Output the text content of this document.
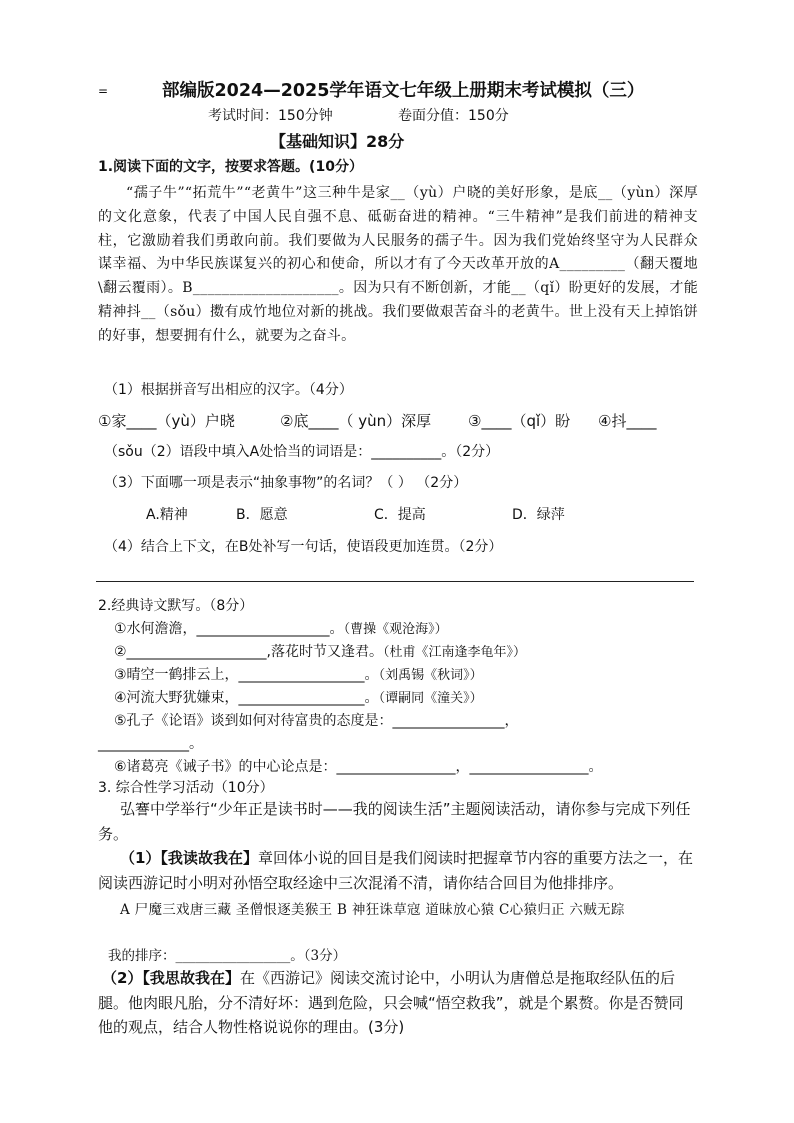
=	部编版2024—2025学年语文七年级上册期末考试模拟（三）
考试时间：150分钟	卷面分值：150分
【基础知识】28分
1.阅读下面的文字，按要求答题。(10分）
“孺子牛”“拓荒牛”“老黄牛”这三种牛是家__（yù）户晓的美好形象，是底__（yùn）深厚的文化意象，代表了中国人民自强不息、砥砺奋进的精神。“三牛精神”是我们前进的精神支柱，它激励着我们勇敢向前。我们要做为人民服务的孺子牛。因为我们党始终坚守为人民群众谋幸福、为中华民族谋复兴的初心和使命，所以才有了今天改革开放的A_________（翻天覆地 \翻云覆雨）。B____________________。因为只有不断创新，才能__（qǐ）盼更好的发展，才能精神抖__（sǒu）擞有成竹地位对新的挑战。我们要做艰苦奋斗的老黄牛。世上没有天上掉馅饼的好事，想要拥有什么，就要为之奋斗。
（1）根据拼音写出相应的汉字。（4分）
①家____（yù）户晓	②底____（ yùn）深厚 ③____（qǐ）盼 ④抖____
（sǒu（2）语段中填入A处恰当的词语是：__________。（2分）
（3）下面哪一项是表示“抽象事物”的名词？（ ） （2分）
A.精神	B．愿意	C．提高	D．绿萍
（4）结合上下文，在B处补写一句话，使语段更加连贯。（2分）
2.经典诗文默写。（8分）
①水何澹澹，___________________。（曹操《观沧海》）
②____________________,落花时节又逢君。（杜甫《江南逢李龟年》）
③晴空一鹤排云上，__________________。（刘禹锡《秋词》）
④河流大野犹嫌束，__________________。（谭嗣同《潼关》）
⑤孔子《论语》谈到如何对待富贵的态度是：________________，
_____________。
⑥诸葛亮《诫子书》的中心论点是：_________________，_________________。
3. 综合性学习活动（10分）
弘謇中学举行“少年正是读书时——我的阅读生活”主题阅读活动，请你参与完成下列任务。
（1）【我读故我在】章回体小说的回目是我们阅读时把握章节内容的重要方法之一，在阅读西游记时小明对孙悟空取经途中三次混淆不清，请你结合回目为他排排序。
A 尸魔三戏唐三藏 圣僧恨逐美猴王 B 神狂诛草寇 道昧放心猿 C心猿归正 六贼无踪
我的排序：_________________。（3分）
（2）【我思故我在】在《西游记》阅读交流讨论中，小明认为唐僧总是拖取经队伍的后腿。他肉眼凡胎，分不清好坏：遇到危险，只会喊“悟空救我”，就是个累赘。你是否赞同他的观点，结合人物性格说说你的理由。(3分)
